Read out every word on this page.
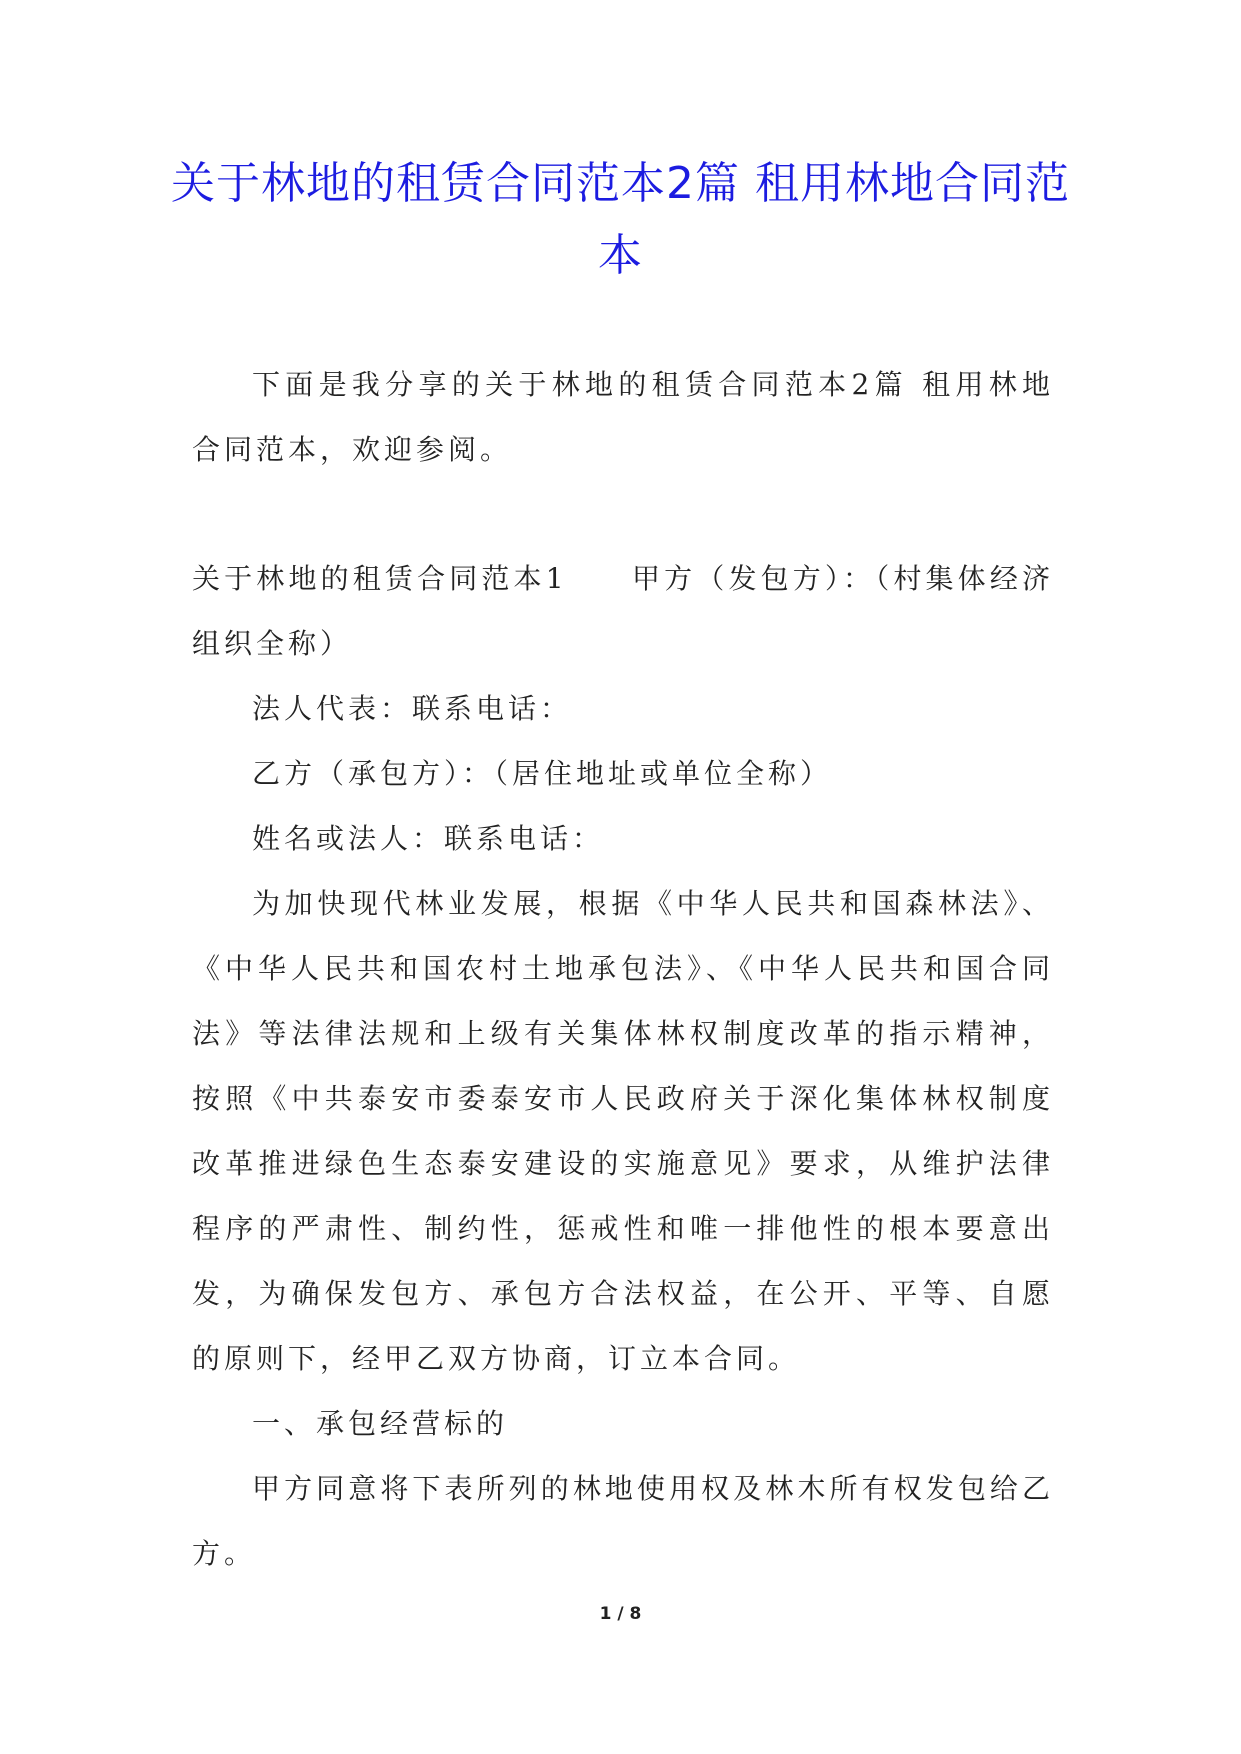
关于林地的租赁合同范本2篇 租用林地合同范本

下面是我分享的关于林地的租赁合同范本2篇 租用林地合同范本，欢迎参阅。

关于林地的租赁合同范本1　　甲方（发包方）：（村集体经济组织全称）

法人代表：联系电话：

乙方（承包方）：（居住地址或单位全称）

姓名或法人：联系电话：

为加快现代林业发展，根据《中华人民共和国森林法》、《中华人民共和国农村土地承包法》、《中华人民共和国合同法》等法律法规和上级有关集体林权制度改革的指示精神，按照《中共泰安市委泰安市人民政府关于深化集体林权制度改革推进绿色生态泰安建设的实施意见》要求，从维护法律程序的严肃性、制约性，惩戒性和唯一排他性的根本要意出发，为确保发包方、承包方合法权益，在公开、平等、自愿的原则下，经甲乙双方协商，订立本合同。

一、承包经营标的

甲方同意将下表所列的林地使用权及林木所有权发包给乙方。

1 / 8
